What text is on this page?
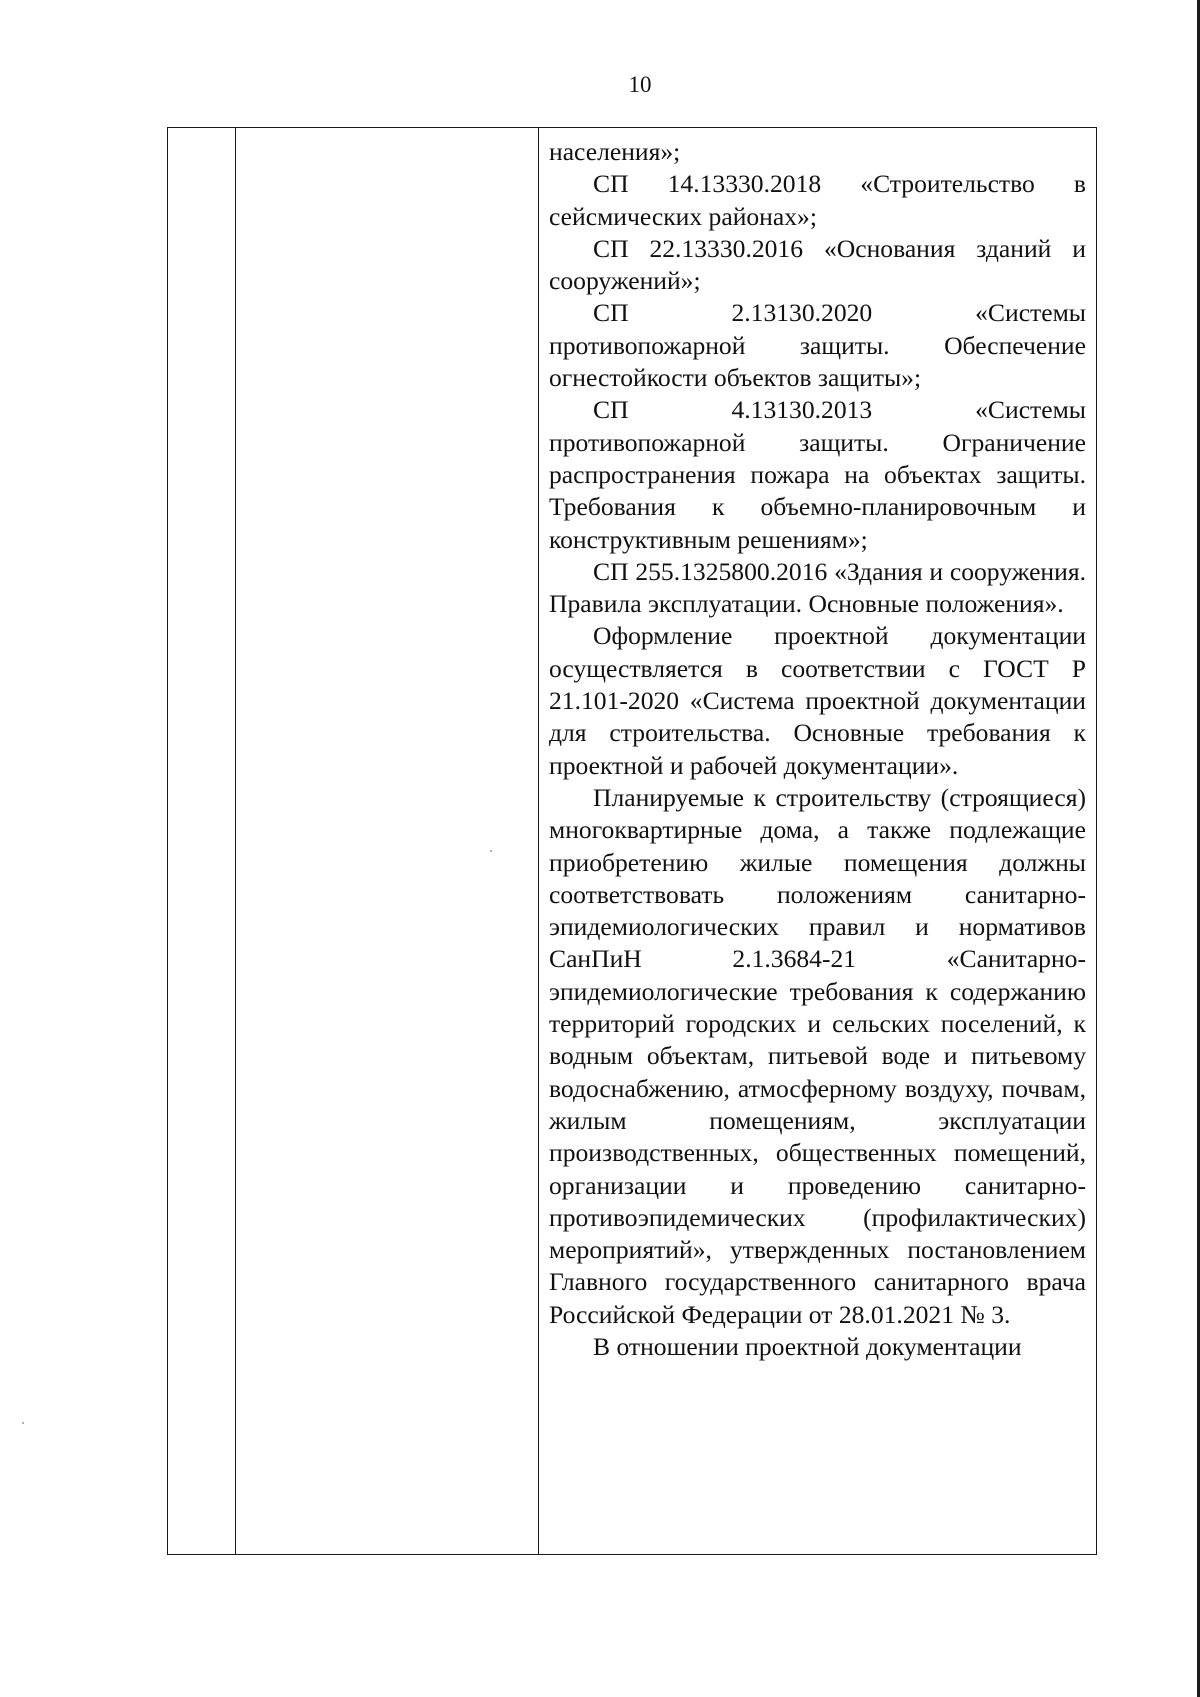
10

населения»;

СП 14.13330.2018 «Строительство в сейсмических районах»;

СП 22.13330.2016 «Основания зданий и сооружений»;

СП 2.13130.2020 «Системы противопожарной защиты. Обеспечение огнестойкости объектов защиты»;

СП 4.13130.2013 «Системы противопожарной защиты. Ограничение распространения пожара на объектах защиты. Требования к объемно-планировочным и конструктивным решениям»;

СП 255.1325800.2016 «Здания и сооружения. Правила эксплуатации. Основные положения».

Оформление проектной документации осуществляется в соответствии с ГОСТ Р 21.101-2020 «Система проектной документации для строительства. Основные требования к проектной и рабочей документации».

Планируемые к строительству (строящиеся) многоквартирные дома, а также подлежащие приобретению жилые помещения должны соответствовать положениям санитарно-эпидемиологических правил и нормативов СанПиН 2.1.3684-21 «Санитарно-эпидемиологические требования к содержанию территорий городских и сельских поселений, к водным объектам, питьевой воде и питьевому водоснабжению, атмосферному воздуху, почвам, жилым помещениям, эксплуатации производственных, общественных помещений, организации и проведению санитарно-противоэпидемических (профилактических) мероприятий», утвержденных постановлением Главного государственного санитарного врача Российской Федерации от 28.01.2021 № 3.

В отношении проектной документации
